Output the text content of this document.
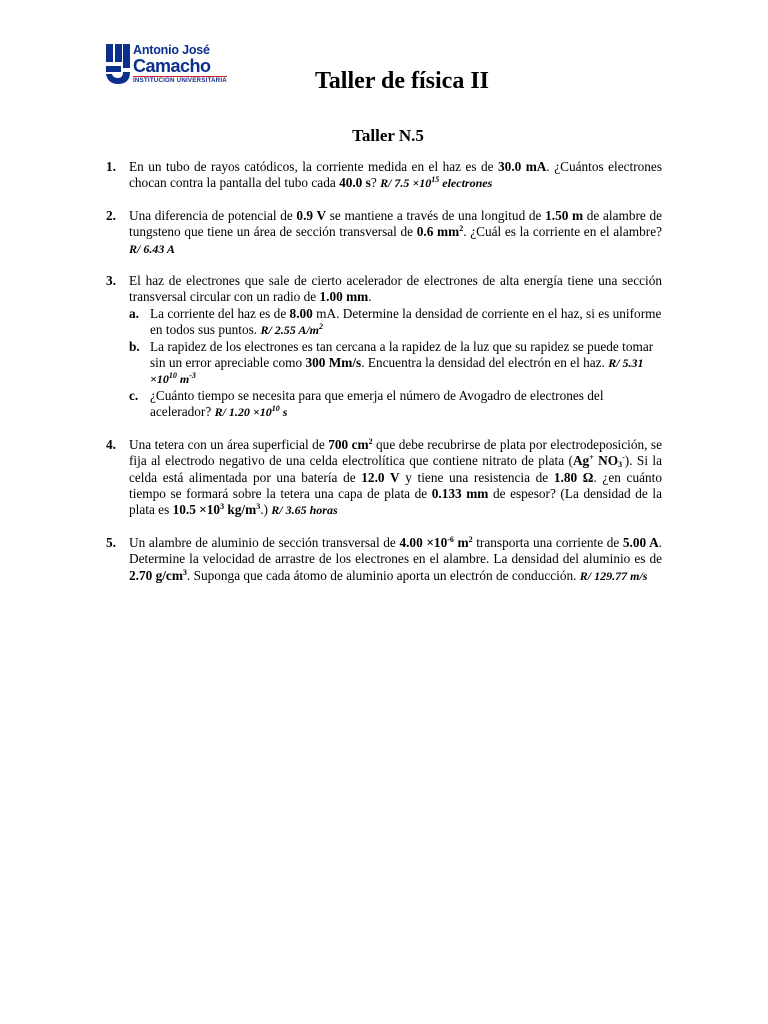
Antonio José
Camacho
INSTITUCIÓN UNIVERSITARIA	Taller de física II
Taller N.5
1. En un tubo de rayos catódicos, la corriente medida en el haz es de 30.0 mA. ¿Cuántos electrones chocan contra la pantalla del tubo cada 40.0 s? R/ $7.5 \times 10^{15}$ electrones
2. Una diferencia de potencial de 0.9 V se mantiene a través de una longitud de 1.50 m de alambre de tungsteno que tiene un área de sección transversal de 0.6 $mm^2$. ¿Cuál es la corriente en el alambre? R/ 6.43 A
3. El haz de electrones que sale de cierto acelerador de electrones de alta energía tiene una sección transversal circular con un radio de 1.00 mm.
a. La corriente del haz es de 8.00 mA. Determine la densidad de corriente en el haz, si es uniforme en todos sus puntos. R/ 2.55 $A/m^2$
b. La rapidez de los electrones es tan cercana a la rapidez de la luz que su rapidez se puede tomar sin un error apreciable como 300 Mm/s. Encuentra la densidad del electrón en el haz. R/ $5.31 \times 10^{10}$ $m^{-3}$
c. ¿Cuánto tiempo se necesita para que emerja el número de Avogadro de electrones del acelerador? R/ $1.20 \times 10^{10}$ s
4. Una tetera con un área superficial de 700 $cm^2$ que debe recubrirse de plata por electrodeposición, se fija al electrodo negativo de una celda electrolítica que contiene nitrato de plata (Ag+ $NO_3^-$). Si la celda está alimentada por una batería de 12.0 V y tiene una resistencia de 1.80 Ω. ¿en cuánto tiempo se formará sobre la tetera una capa de plata de 0.133 mm de espesor? (La densidad de la plata es $10.5 \times 10^3$ $kg/m^3$.) R/ 3.65 horas
5. Un alambre de aluminio de sección transversal de $4.00 \times 10^{-6}$ $m^2$ transporta una corriente de 5.00 A. Determine la velocidad de arrastre de los electrones en el alambre. La densidad del aluminio es de 2.70 $g/cm^3$. Suponga que cada átomo de aluminio aporta un electrón de conducción. R/ 129.77 m/s
